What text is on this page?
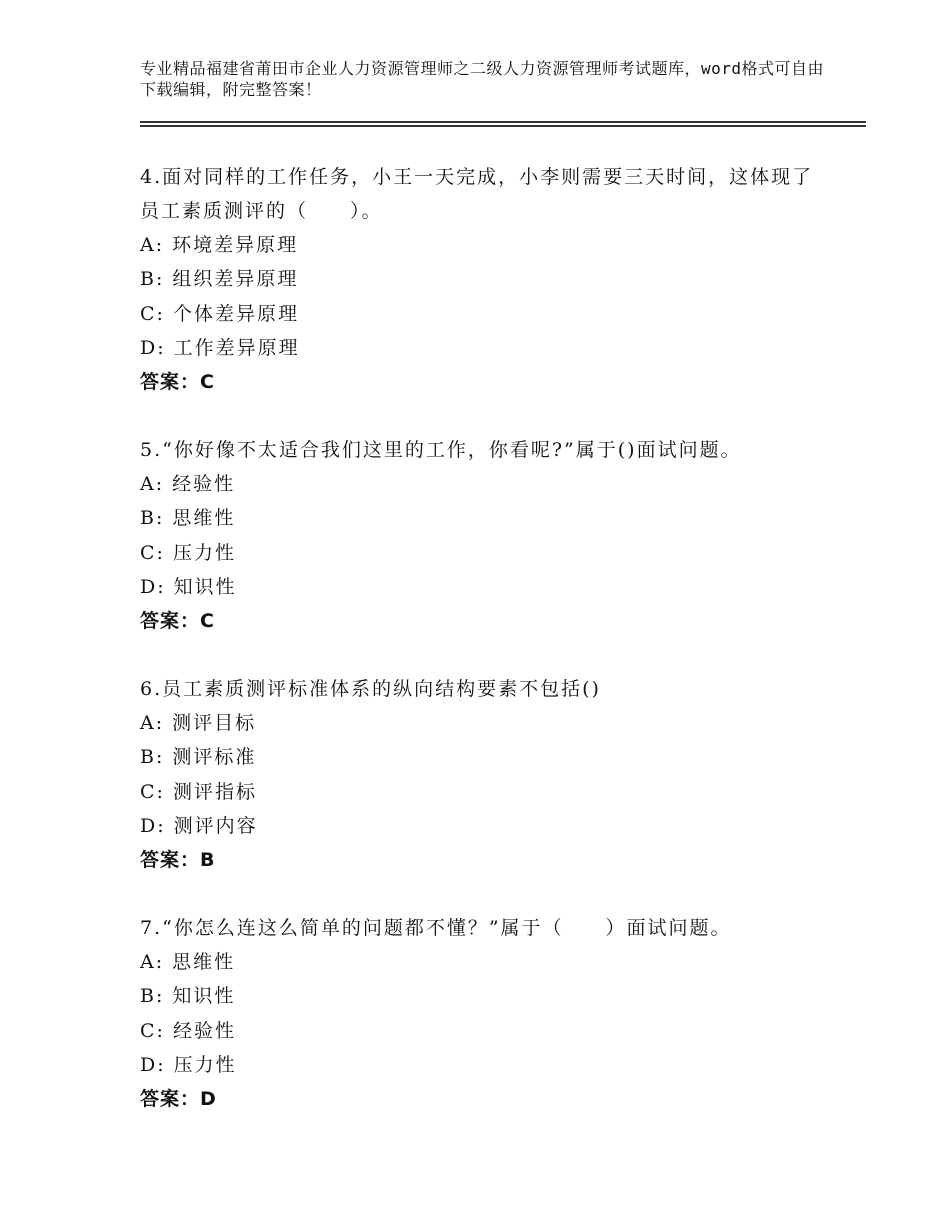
专业精品福建省莆田市企业人力资源管理师之二级人力资源管理师考试题库，word格式可自由下载编辑，附完整答案！

4.面对同样的工作任务，小王一天完成，小李则需要三天时间，这体现了员工素质测评的（　　）。

A: 环境差异原理

B: 组织差异原理

C: 个体差异原理

D: 工作差异原理

答案：C

5.“你好像不太适合我们这里的工作，你看呢?”属于()面试问题。

A: 经验性

B: 思维性

C: 压力性

D: 知识性

答案：C

6.员工素质测评标准体系的纵向结构要素不包括()

A: 测评目标

B: 测评标准

C: 测评指标

D: 测评内容

答案：B

7.“你怎么连这么简单的问题都不懂？”属于（　　）面试问题。

A: 思维性

B: 知识性

C: 经验性

D: 压力性

答案：D
